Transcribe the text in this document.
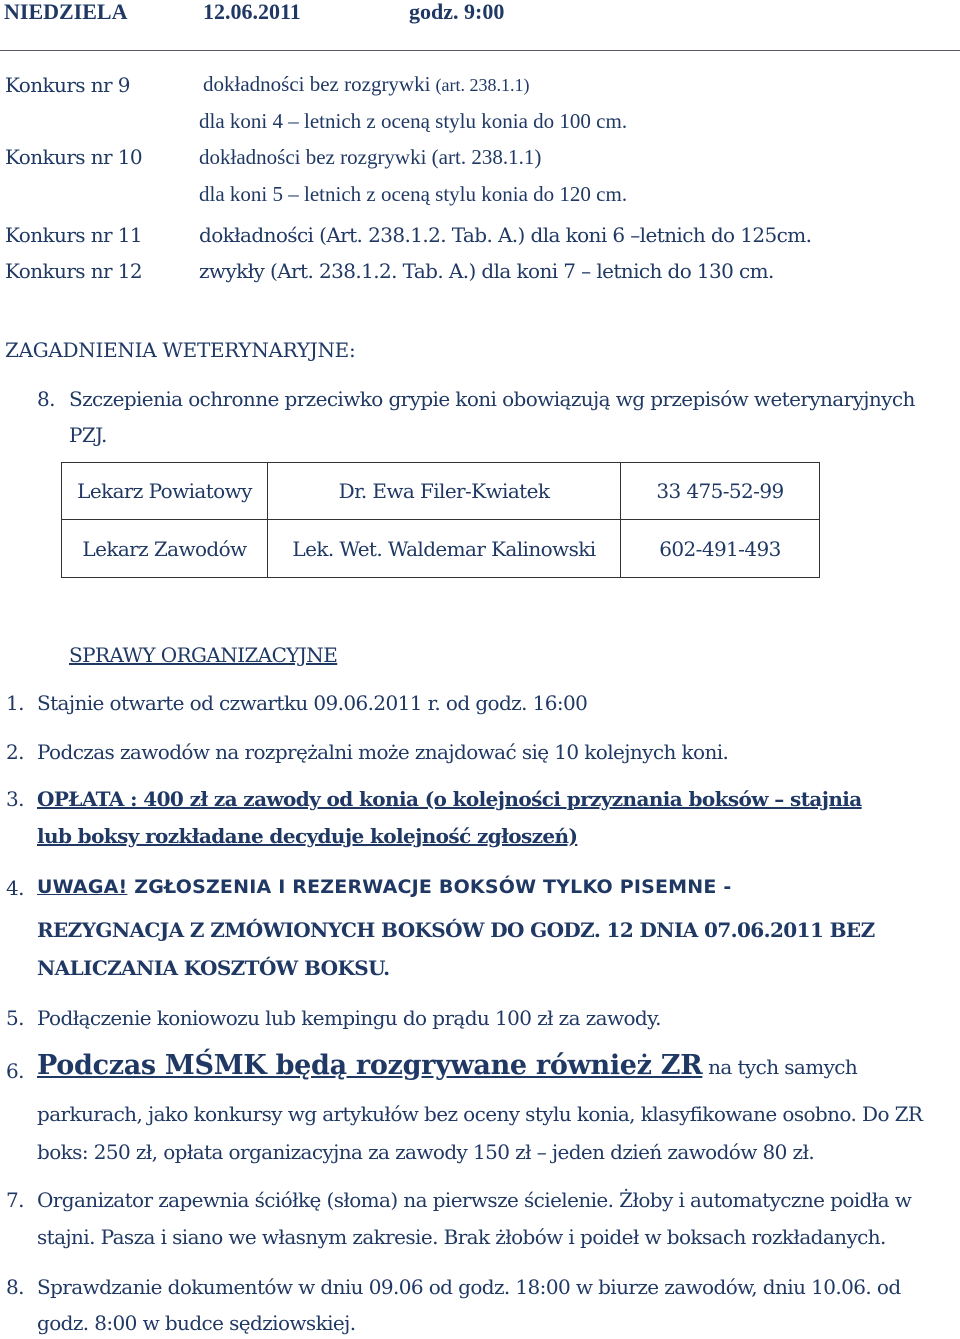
NIEDZIELA	12.06.2011	godz. 9:00
Konkurs nr 9	dokładności bez rozgrywki (art. 238.1.1)
dla koni 4 – letnich z oceną stylu konia do 100 cm.
Konkurs nr 10	dokładności bez rozgrywki (art. 238.1.1)
dla koni 5 – letnich z oceną stylu konia do 120 cm.
Konkurs nr 11	dokładności (Art. 238.1.2. Tab. A.) dla koni 6 –letnich do 125cm.
Konkurs nr 12	zwykły (Art. 238.1.2. Tab. A.) dla koni 7 – letnich do 130 cm.
ZAGADNIENIA WETERYNARYJNE:
8. Szczepienia ochronne przeciwko grypie koni obowiązują wg przepisów weterynaryjnych
PZJ.
Lekarz Powiatowy	Dr. Ewa Filer-Kwiatek	33 475-52-99
Lekarz Zawodów	Lek. Wet. Waldemar Kalinowski	602-491-493
SPRAWY ORGANIZACYJNE
1. Stajnie otwarte od czwartku 09.06.2011 r. od godz. 16:00
2. Podczas zawodów na rozprężalni może znajdować się 10 kolejnych koni.
3. OPŁATA : 400 zł za zawody od konia (o kolejności przyznania boksów – stajnia
lub boksy rozkładane decyduje kolejność zgłoszeń)
4. UWAGA! ZGŁOSZENIA I REZERWACJE BOKSÓW TYLKO PISEMNE -
REZYGNACJA Z ZMÓWIONYCH BOKSÓW DO GODZ. 12 DNIA 07.06.2011 BEZ
NALICZANIA KOSZTÓW BOKSU.
5. Podłączenie koniowozu lub kempingu do prądu 100 zł za zawody.
6. Podczas MŚMK będą rozgrywane również ZR na tych samych
parkurach, jako konkursy wg artykułów bez oceny stylu konia, klasyfikowane osobno. Do ZR
boks: 250 zł, opłata organizacyjna za zawody 150 zł – jeden dzień zawodów 80 zł.
7. Organizator zapewnia ściółkę (słoma) na pierwsze ścielenie. Żłoby i automatyczne poidła w
stajni. Pasza i siano we własnym zakresie. Brak żłobów i poideł w boksach rozkładanych.
8. Sprawdzanie dokumentów w dniu 09.06 od godz. 18:00 w biurze zawodów, dniu 10.06. od
godz. 8:00 w budce sędziowskiej.
